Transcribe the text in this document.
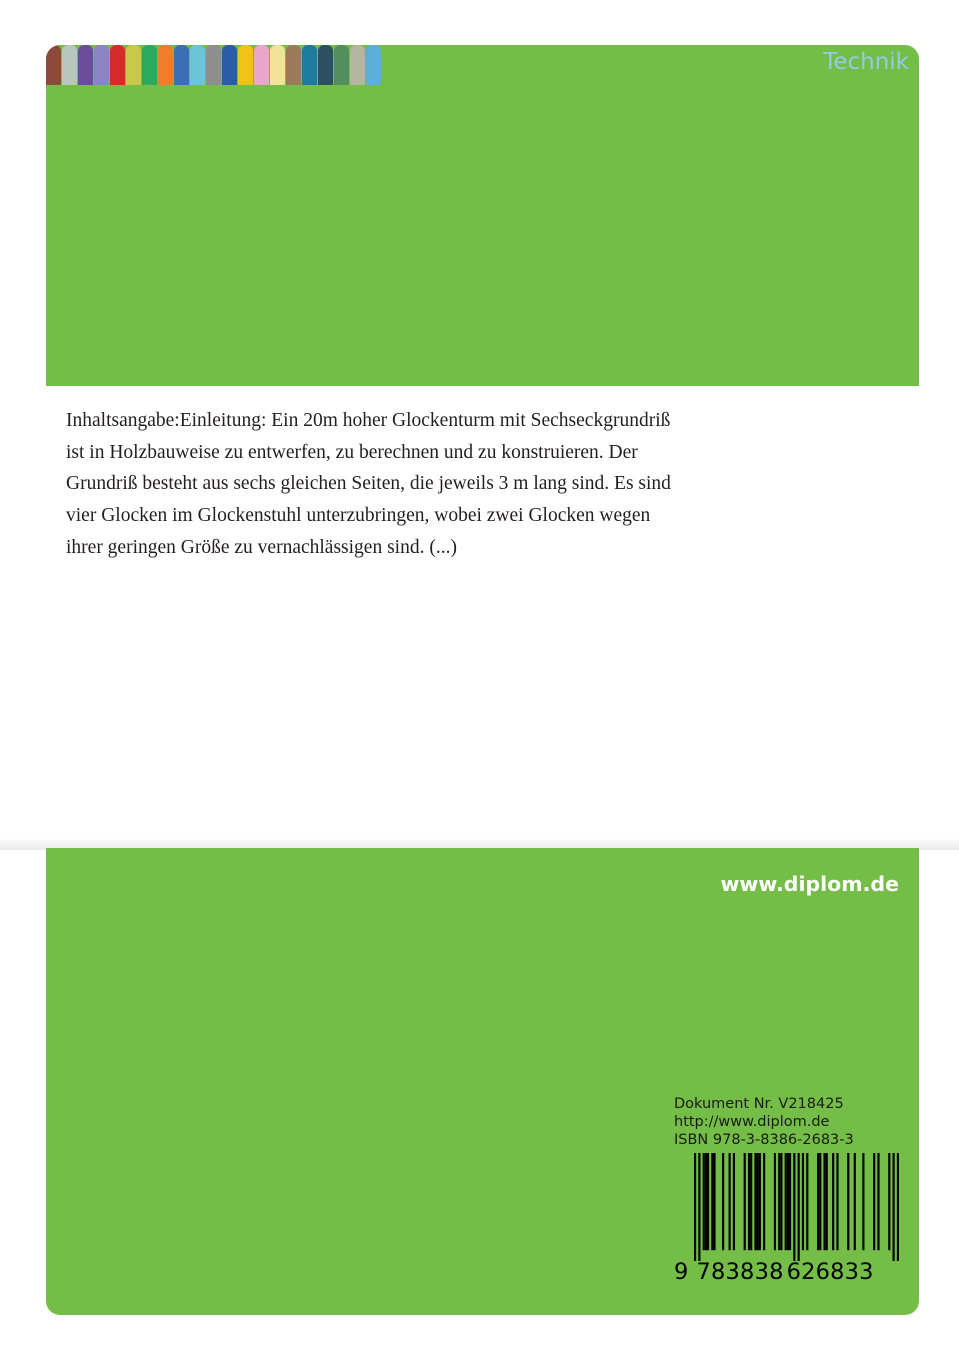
Technik

Inhaltsangabe:Einleitung: Ein 20m hoher Glockenturm mit Sechseckgrundriß
ist in Holzbauweise zu entwerfen, zu berechnen und zu konstruieren. Der
Grundriß besteht aus sechs gleichen Seiten, die jeweils 3 m lang sind. Es sind
vier Glocken im Glockenstuhl unterzubringen, wobei zwei Glocken wegen
ihrer geringen Größe zu vernachlässigen sind. (...)

www.diplom.de
Dokument Nr. V218425
http://www.diplom.de
ISBN 978-3-8386-2683-3
9 783838 626833
